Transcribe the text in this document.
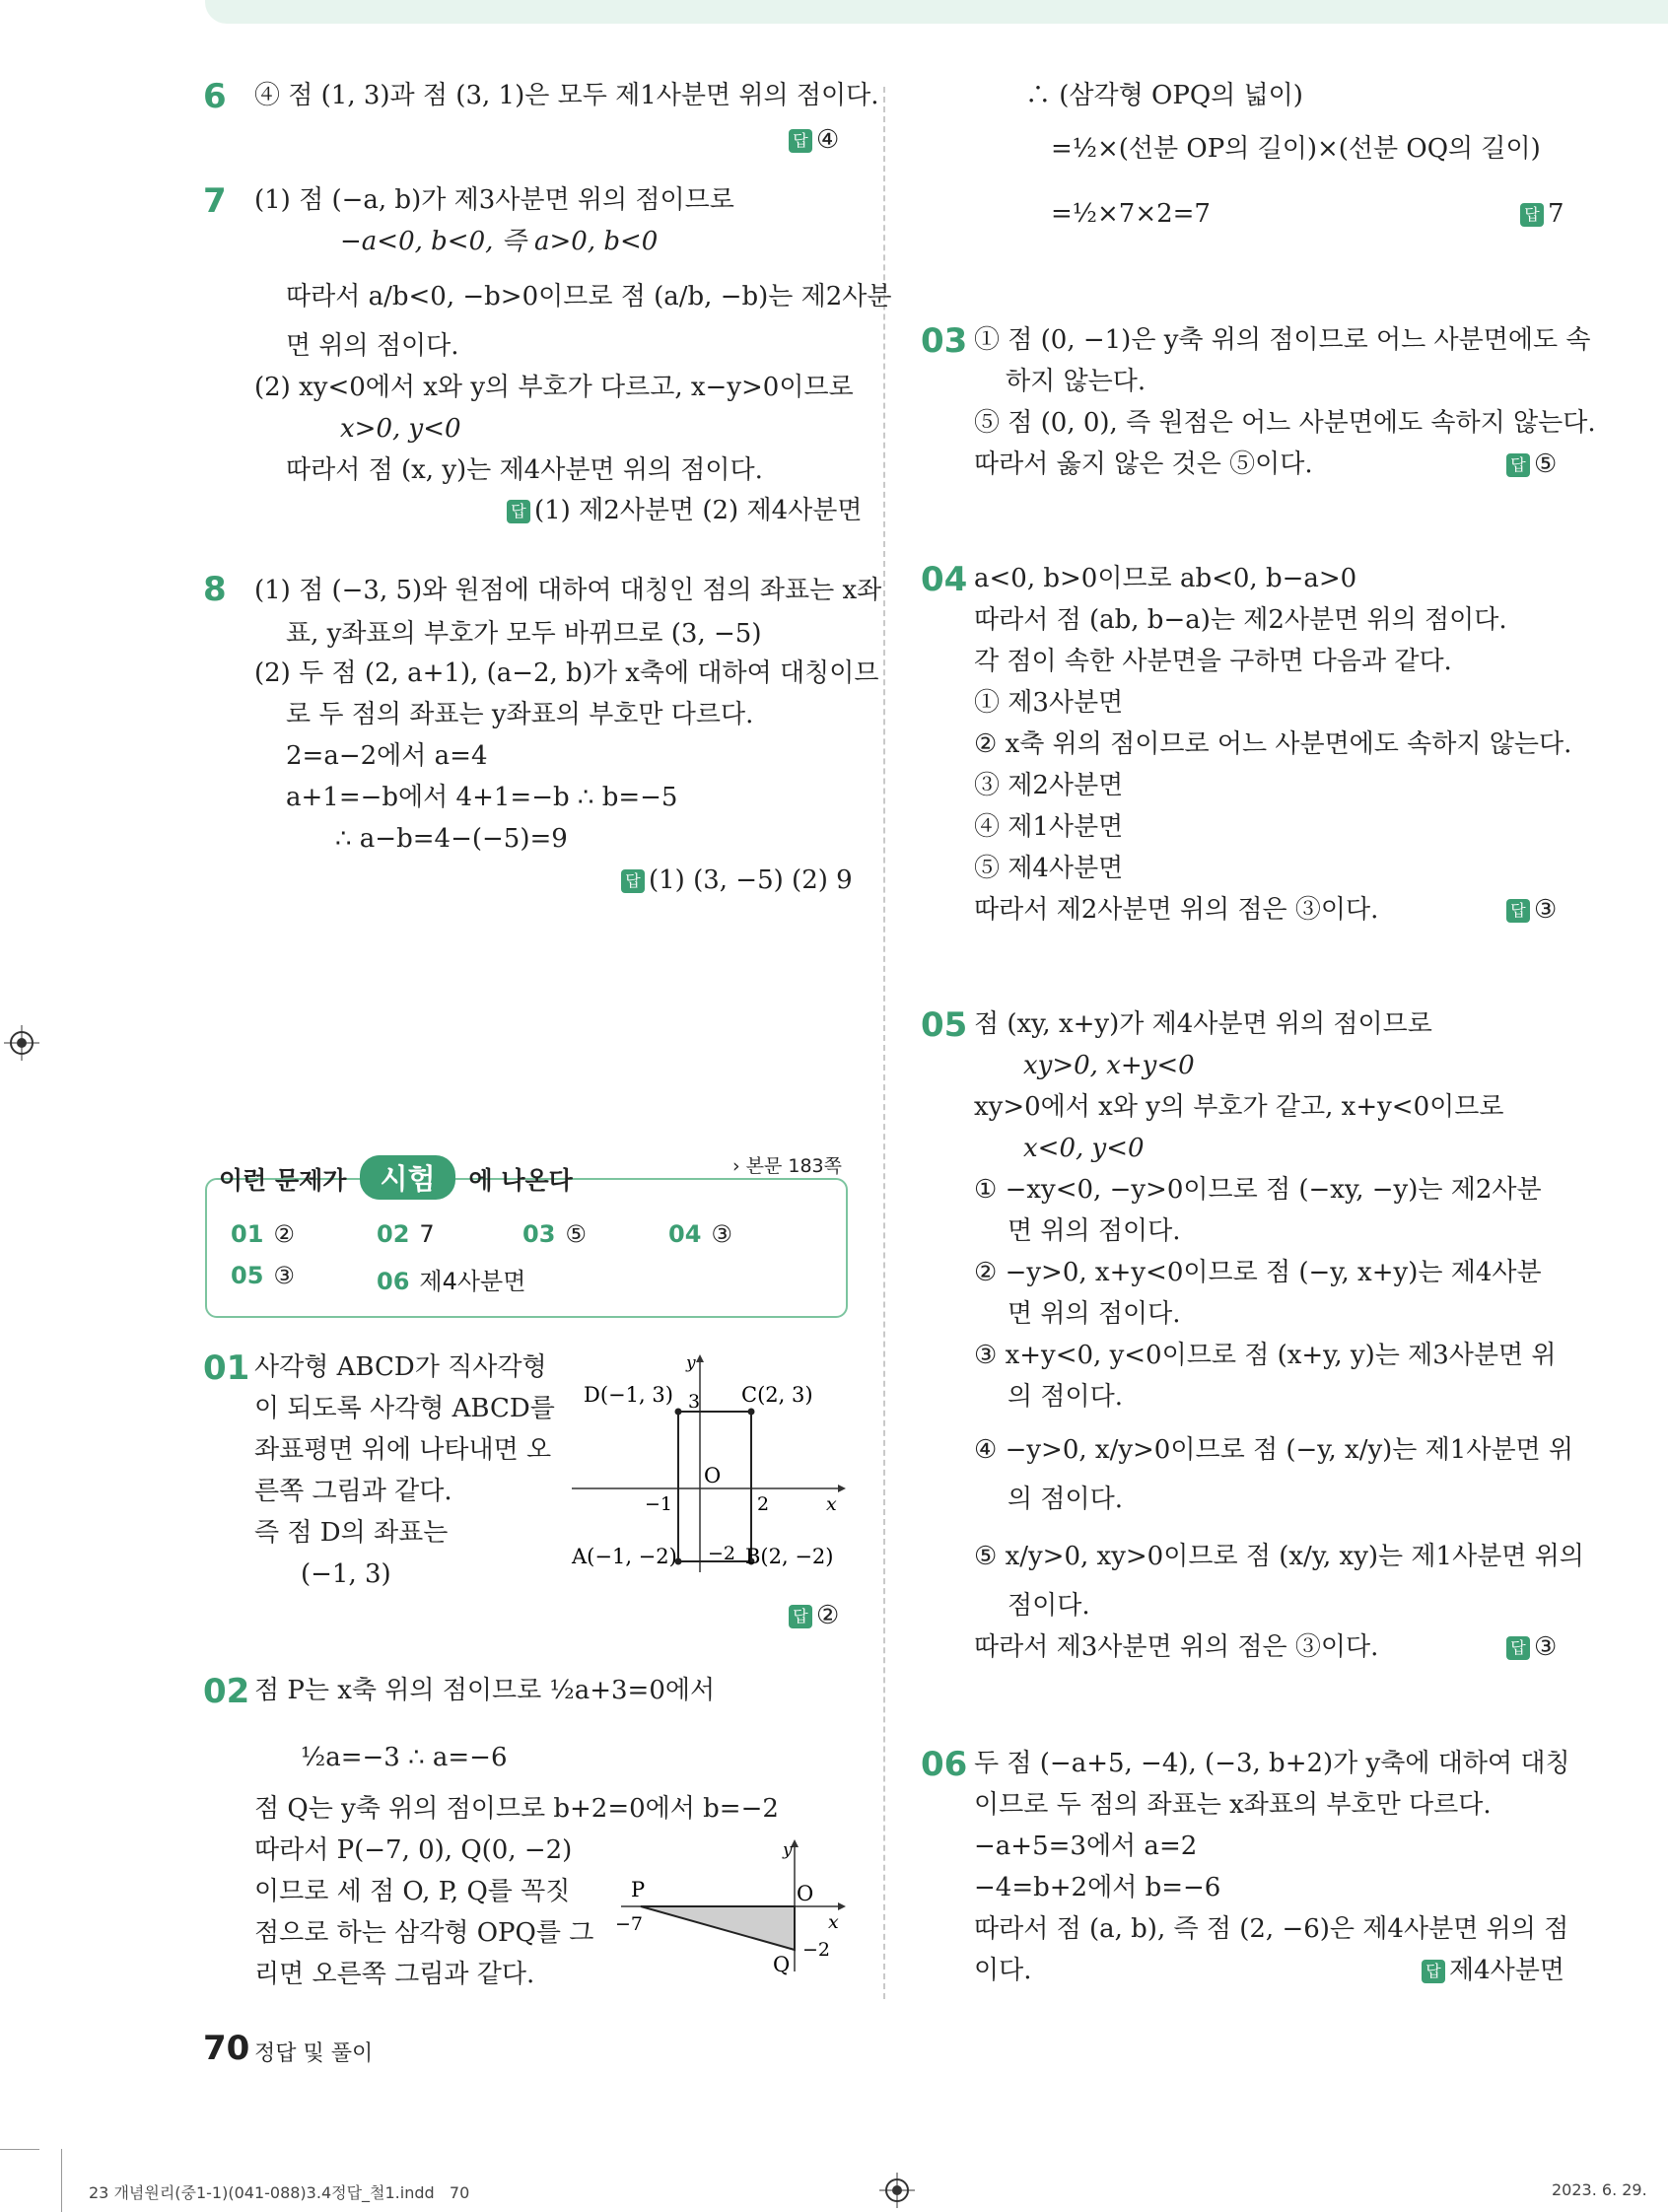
6 ④ 점 (1, 3)과 점 (3, 1)은 모두 제1사분면 위의 점이다.
답 ④
7 (1) 점 (−a, b)가 제3사분면 위의 점이므로
−a<0, b<0, 즉 a>0, b<0
따라서 a/b<0, −b>0이므로 점 (a/b, −b)는 제2사분
면 위의 점이다.
(2) xy<0에서 x와 y의 부호가 다르고, x−y>0이므로
x>0, y<0
따라서 점 (x, y)는 제4사분면 위의 점이다.
답 (1) 제2사분면 (2) 제4사분면
8 (1) 점 (−3, 5)와 원점에 대하여 대칭인 점의 좌표는 x좌
표, y좌표의 부호가 모두 바뀌므로 (3, −5)
(2) 두 점 (2, a+1), (a−2, b)가 x축에 대하여 대칭이므
로 두 점의 좌표는 y좌표의 부호만 다르다.
2=a−2에서 a=4
a+1=−b에서 4+1=−b ∴ b=−5
∴ a−b=4−(−5)=9
답 (1) (3, −5) (2) 9
› 본문 183쪽
이런 문제가 시험 에 나온다
01 ②	02 7	03 ⑤	04 ③
05 ③	06 제4사분면
01 사각형 ABCD가 직사각형
이 되도록 사각형 ABCD를
좌표평면 위에 나타내면 오
른쪽 그림과 같다.
즉 점 D의 좌표는
(−1, 3)
D(−1, 3) 3 C(2, 3)
O
−1	2	x
y
A(−1, −2) −2 B(2, −2)
답 ②
02 점 P는 x축 위의 점이므로 ½a+3=0에서
½a=−3 ∴ a=−6
점 Q는 y축 위의 점이므로 b+2=0에서 b=−2
따라서 P(−7, 0), Q(0, −2)
이므로 세 점 O, P, Q를 꼭짓
점으로 하는 삼각형 OPQ를 그
리면 오른쪽 그림과 같다.
P	O
x
y
−7
−2
Q
∴ (삼각형 OPQ의 넓이)
=½×(선분 OP의 길이)×(선분 OQ의 길이)
=½×7×2=7	답 7
03 ① 점 (0, −1)은 y축 위의 점이므로 어느 사분면에도 속
하지 않는다.
⑤ 점 (0, 0), 즉 원점은 어느 사분면에도 속하지 않는다.
따라서 옳지 않은 것은 ⑤이다.	답 ⑤
04 a<0, b>0이므로 ab<0, b−a>0
따라서 점 (ab, b−a)는 제2사분면 위의 점이다.
각 점이 속한 사분면을 구하면 다음과 같다.
① 제3사분면
② x축 위의 점이므로 어느 사분면에도 속하지 않는다.
③ 제2사분면
④ 제1사분면
⑤ 제4사분면
따라서 제2사분면 위의 점은 ③이다.	답 ③
05 점 (xy, x+y)가 제4사분면 위의 점이므로
xy>0, x+y<0
xy>0에서 x와 y의 부호가 같고, x+y<0이므로
x<0, y<0
① −xy<0, −y>0이므로 점 (−xy, −y)는 제2사분
면 위의 점이다.
② −y>0, x+y<0이므로 점 (−y, x+y)는 제4사분
면 위의 점이다.
③ x+y<0, y<0이므로 점 (x+y, y)는 제3사분면 위
의 점이다.
④ −y>0, x/y>0이므로 점 (−y, x/y)는 제1사분면 위
의 점이다.
⑤ x/y>0, xy>0이므로 점 (x/y, xy)는 제1사분면 위의
점이다.
따라서 제3사분면 위의 점은 ③이다.	답 ③
06 두 점 (−a+5, −4), (−3, b+2)가 y축에 대하여 대칭
이므로 두 점의 좌표는 x좌표의 부호만 다르다.
−a+5=3에서 a=2
−4=b+2에서 b=−6
따라서 점 (a, b), 즉 점 (2, −6)은 제4사분면 위의 점
이다.	답 제4사분면
70 정답 및 풀이
23 개념원리(중1-1)(041-088)3.4정답_철1.indd   70	2023. 6. 29.
